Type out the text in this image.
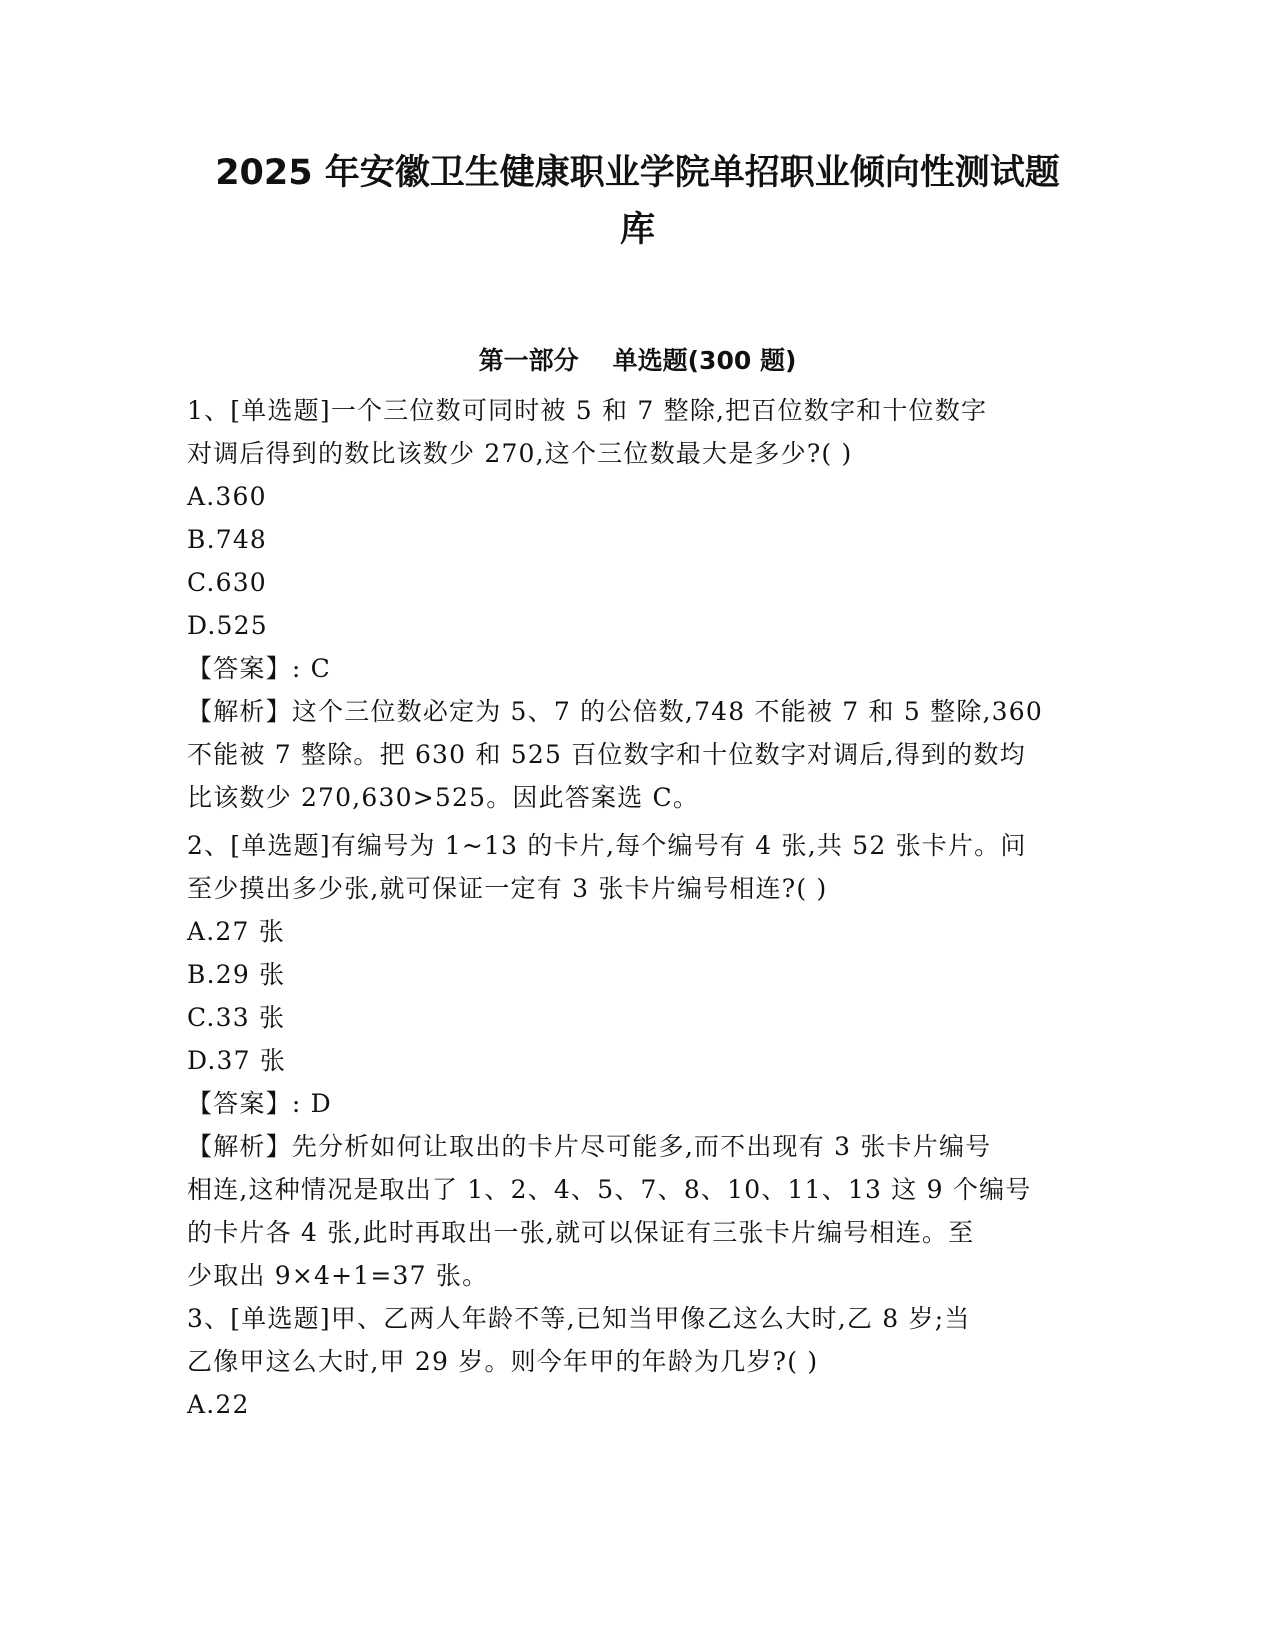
2025 年安徽卫生健康职业学院单招职业倾向性测试题
库
第一部分 单选题(300 题)
1、[单选题]一个三位数可同时被 5 和 7 整除,把百位数字和十位数字
对调后得到的数比该数少 270,这个三位数最大是多少?( )
A.360
B.748
C.630
D.525
【答案】: C
【解析】这个三位数必定为 5、7 的公倍数,748 不能被 7 和 5 整除,360
不能被 7 整除。把 630 和 525 百位数字和十位数字对调后,得到的数均
比该数少 270,630>525。因此答案选 C。
2、[单选题]有编号为 1~13 的卡片,每个编号有 4 张,共 52 张卡片。问
至少摸出多少张,就可保证一定有 3 张卡片编号相连?( )
A.27 张
B.29 张
C.33 张
D.37 张
【答案】: D
【解析】先分析如何让取出的卡片尽可能多,而不出现有 3 张卡片编号
相连,这种情况是取出了 1、2、4、5、7、8、10、11、13 这 9 个编号
的卡片各 4 张,此时再取出一张,就可以保证有三张卡片编号相连。至
少取出 9×4+1=37 张。
3、[单选题]甲、乙两人年龄不等,已知当甲像乙这么大时,乙 8 岁;当
乙像甲这么大时,甲 29 岁。则今年甲的年龄为几岁?( )
A.22
